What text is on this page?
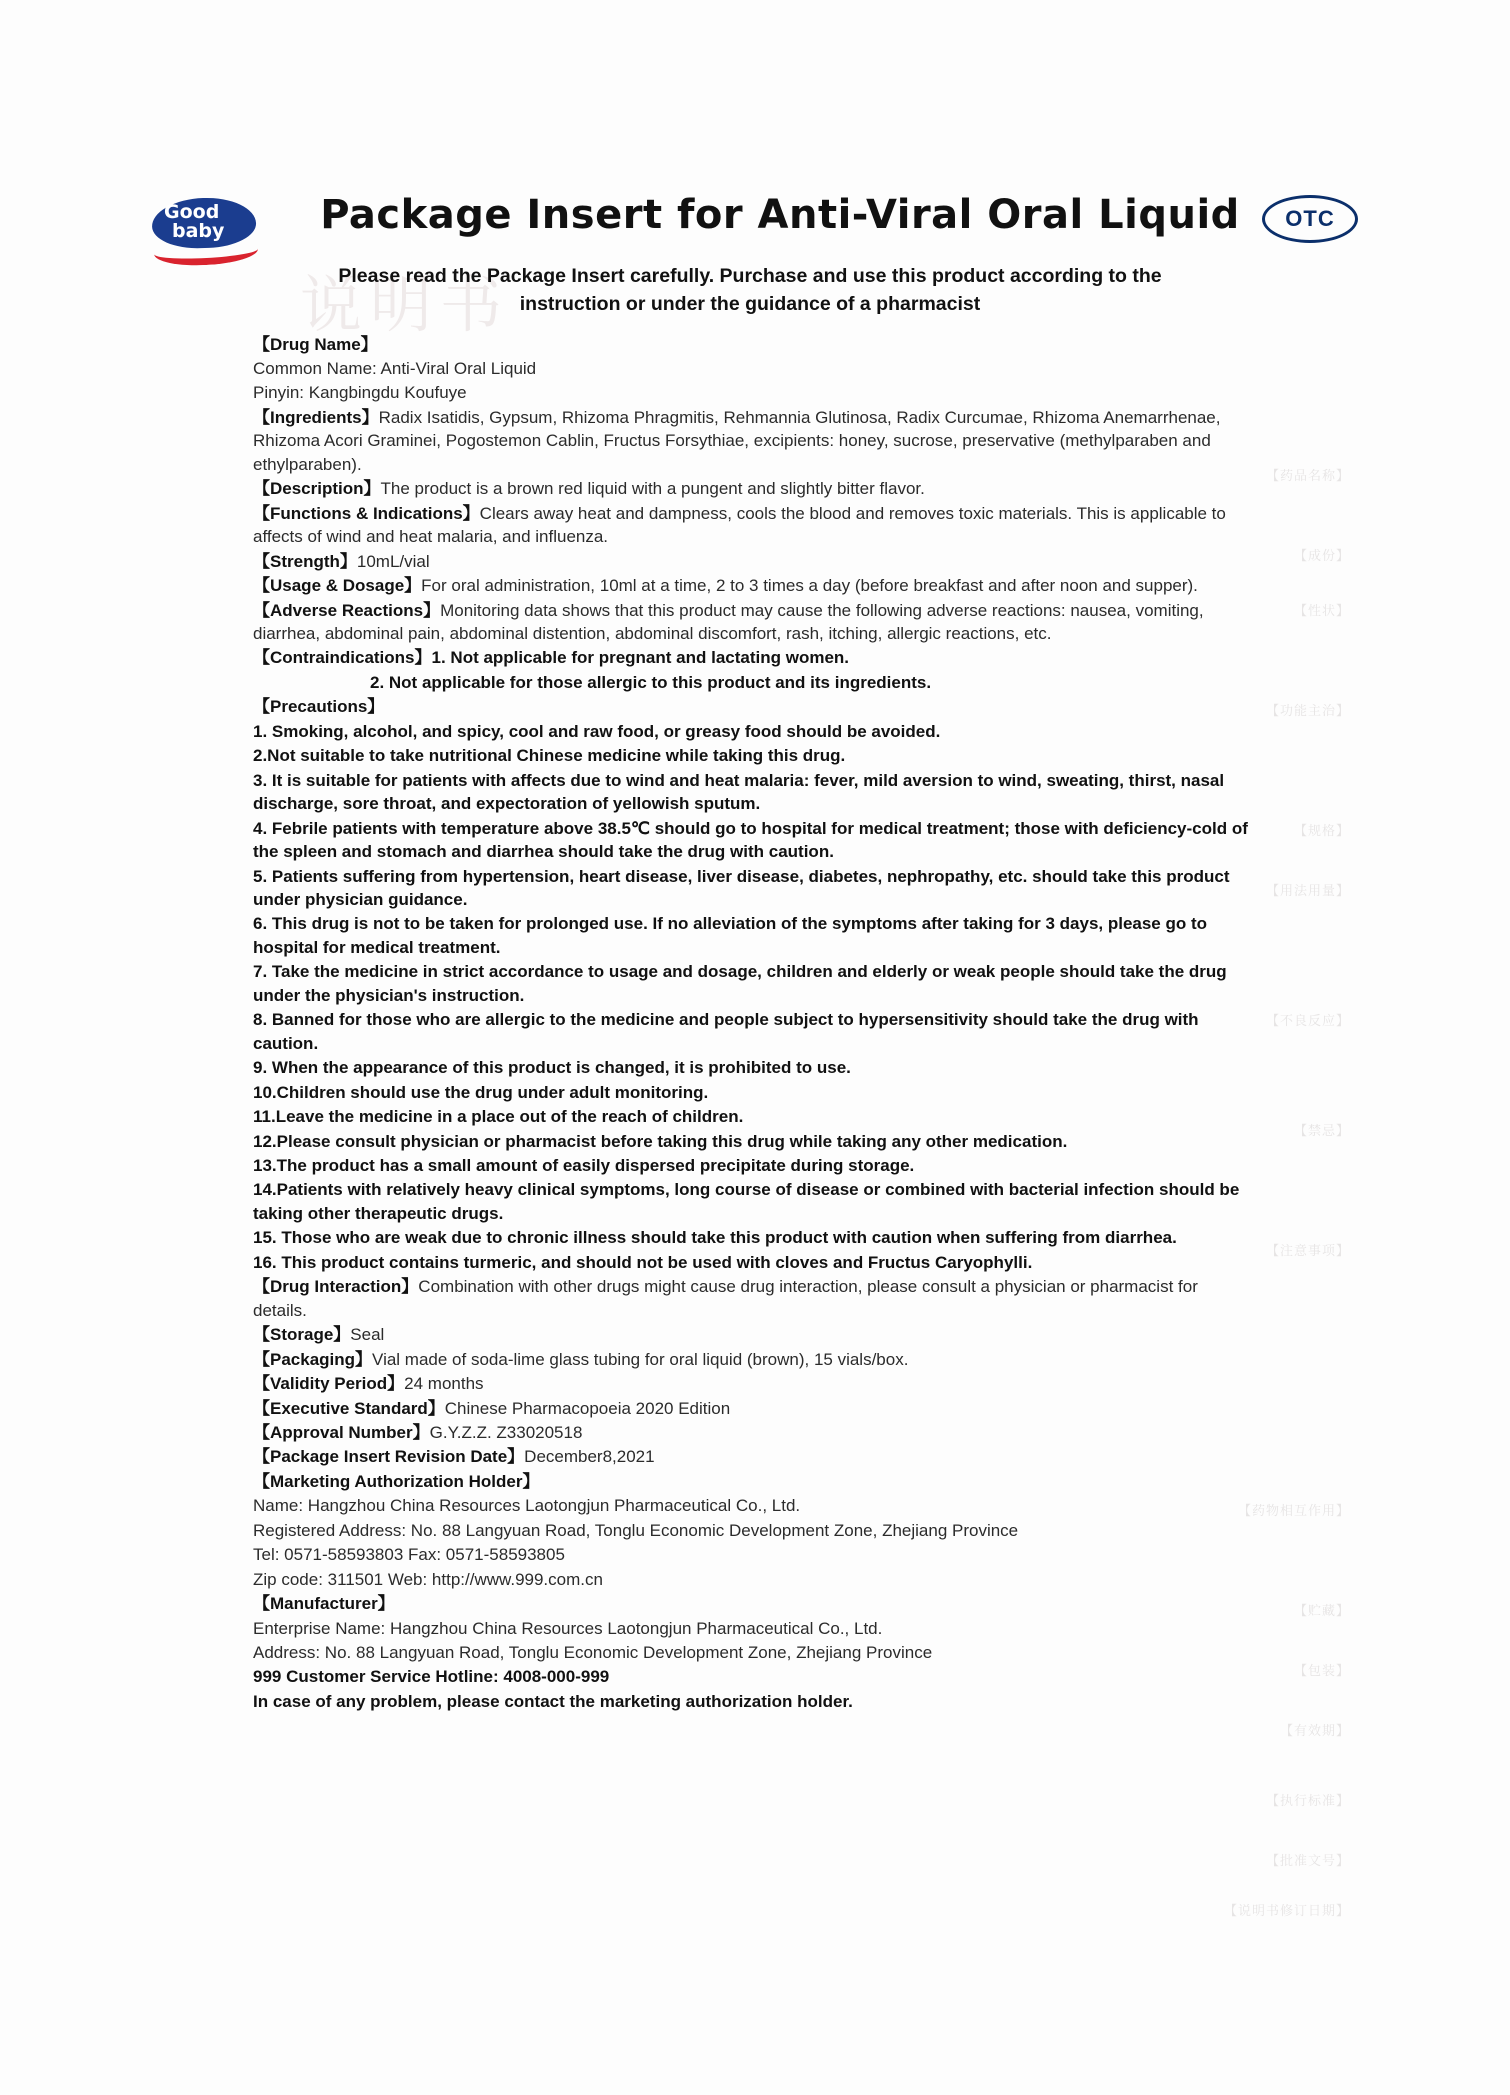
说明书
【药品名称】
【成份】
【性状】
【功能主治】
【规格】
【用法用量】
【不良反应】
【禁忌】
【注意事项】
【药物相互作用】
【贮藏】
【包装】
【有效期】
【执行标准】
【批准文号】
【说明书修订日期】
Good
baby	OTC
Package Insert for Anti-Viral Oral Liquid
Please read the Package Insert carefully. Purchase and use this product according to the instruction or under the guidance of a pharmacist
【Drug Name】
Common Name: Anti-Viral Oral Liquid
Pinyin: Kangbingdu Koufuye
【Ingredients】Radix Isatidis, Gypsum, Rhizoma Phragmitis, Rehmannia Glutinosa, Radix Curcumae, Rhizoma Anemarrhenae, Rhizoma Acori Graminei, Pogostemon Cablin, Fructus Forsythiae, excipients: honey, sucrose, preservative (methylparaben and ethylparaben).
【Description】The product is a brown red liquid with a pungent and slightly bitter flavor.
【Functions & Indications】Clears away heat and dampness, cools the blood and removes toxic materials. This is applicable to affects of wind and heat malaria, and influenza.
【Strength】10mL/vial
【Usage & Dosage】For oral administration, 10ml at a time, 2 to 3 times a day (before breakfast and after noon and supper).
【Adverse Reactions】Monitoring data shows that this product may cause the following adverse reactions: nausea, vomiting, diarrhea, abdominal pain, abdominal distention, abdominal discomfort, rash, itching, allergic reactions, etc.
【Contraindications】1. Not applicable for pregnant and lactating women.
2. Not applicable for those allergic to this product and its ingredients.
【Precautions】
1. Smoking, alcohol, and spicy, cool and raw food, or greasy food should be avoided.
2.Not suitable to take nutritional Chinese medicine while taking this drug.
3. It is suitable for patients with affects due to wind and heat malaria: fever, mild aversion to wind, sweating, thirst, nasal discharge, sore throat, and expectoration of yellowish sputum.
4. Febrile patients with temperature above 38.5℃ should go to hospital for medical treatment; those with deficiency-cold of the spleen and stomach and diarrhea should take the drug with caution.
5. Patients suffering from hypertension, heart disease, liver disease, diabetes, nephropathy, etc. should take this product under physician guidance.
6. This drug is not to be taken for prolonged use. If no alleviation of the symptoms after taking for 3 days, please go to hospital for medical treatment.
7. Take the medicine in strict accordance to usage and dosage, children and elderly or weak people should take the drug under the physician's instruction.
8. Banned for those who are allergic to the medicine and people subject to hypersensitivity should take the drug with caution.
9. When the appearance of this product is changed, it is prohibited to use.
10.Children should use the drug under adult monitoring.
11.Leave the medicine in a place out of the reach of children.
12.Please consult physician or pharmacist before taking this drug while taking any other medication.
13.The product has a small amount of easily dispersed precipitate during storage.
14.Patients with relatively heavy clinical symptoms, long course of disease or combined with bacterial infection should be taking other therapeutic drugs.
15. Those who are weak due to chronic illness should take this product with caution when suffering from diarrhea.
16. This product contains turmeric, and should not be used with cloves and Fructus Caryophylli.
【Drug Interaction】Combination with other drugs might cause drug interaction, please consult a physician or pharmacist for details.
【Storage】Seal
【Packaging】Vial made of soda-lime glass tubing for oral liquid (brown), 15 vials/box.
【Validity Period】24 months
【Executive Standard】Chinese Pharmacopoeia 2020 Edition
【Approval Number】G.Y.Z.Z. Z33020518
【Package Insert Revision Date】December8,2021
【Marketing Authorization Holder】
Name: Hangzhou China Resources Laotongjun Pharmaceutical Co., Ltd.
Registered Address: No. 88 Langyuan Road, Tonglu Economic Development Zone, Zhejiang Province
Tel: 0571-58593803 Fax: 0571-58593805
Zip code: 311501 Web: http://www.999.com.cn
【Manufacturer】
Enterprise Name: Hangzhou China Resources Laotongjun Pharmaceutical Co., Ltd.
Address: No. 88 Langyuan Road, Tonglu Economic Development Zone, Zhejiang Province
999 Customer Service Hotline: 4008-000-999
In case of any problem, please contact the marketing authorization holder.
